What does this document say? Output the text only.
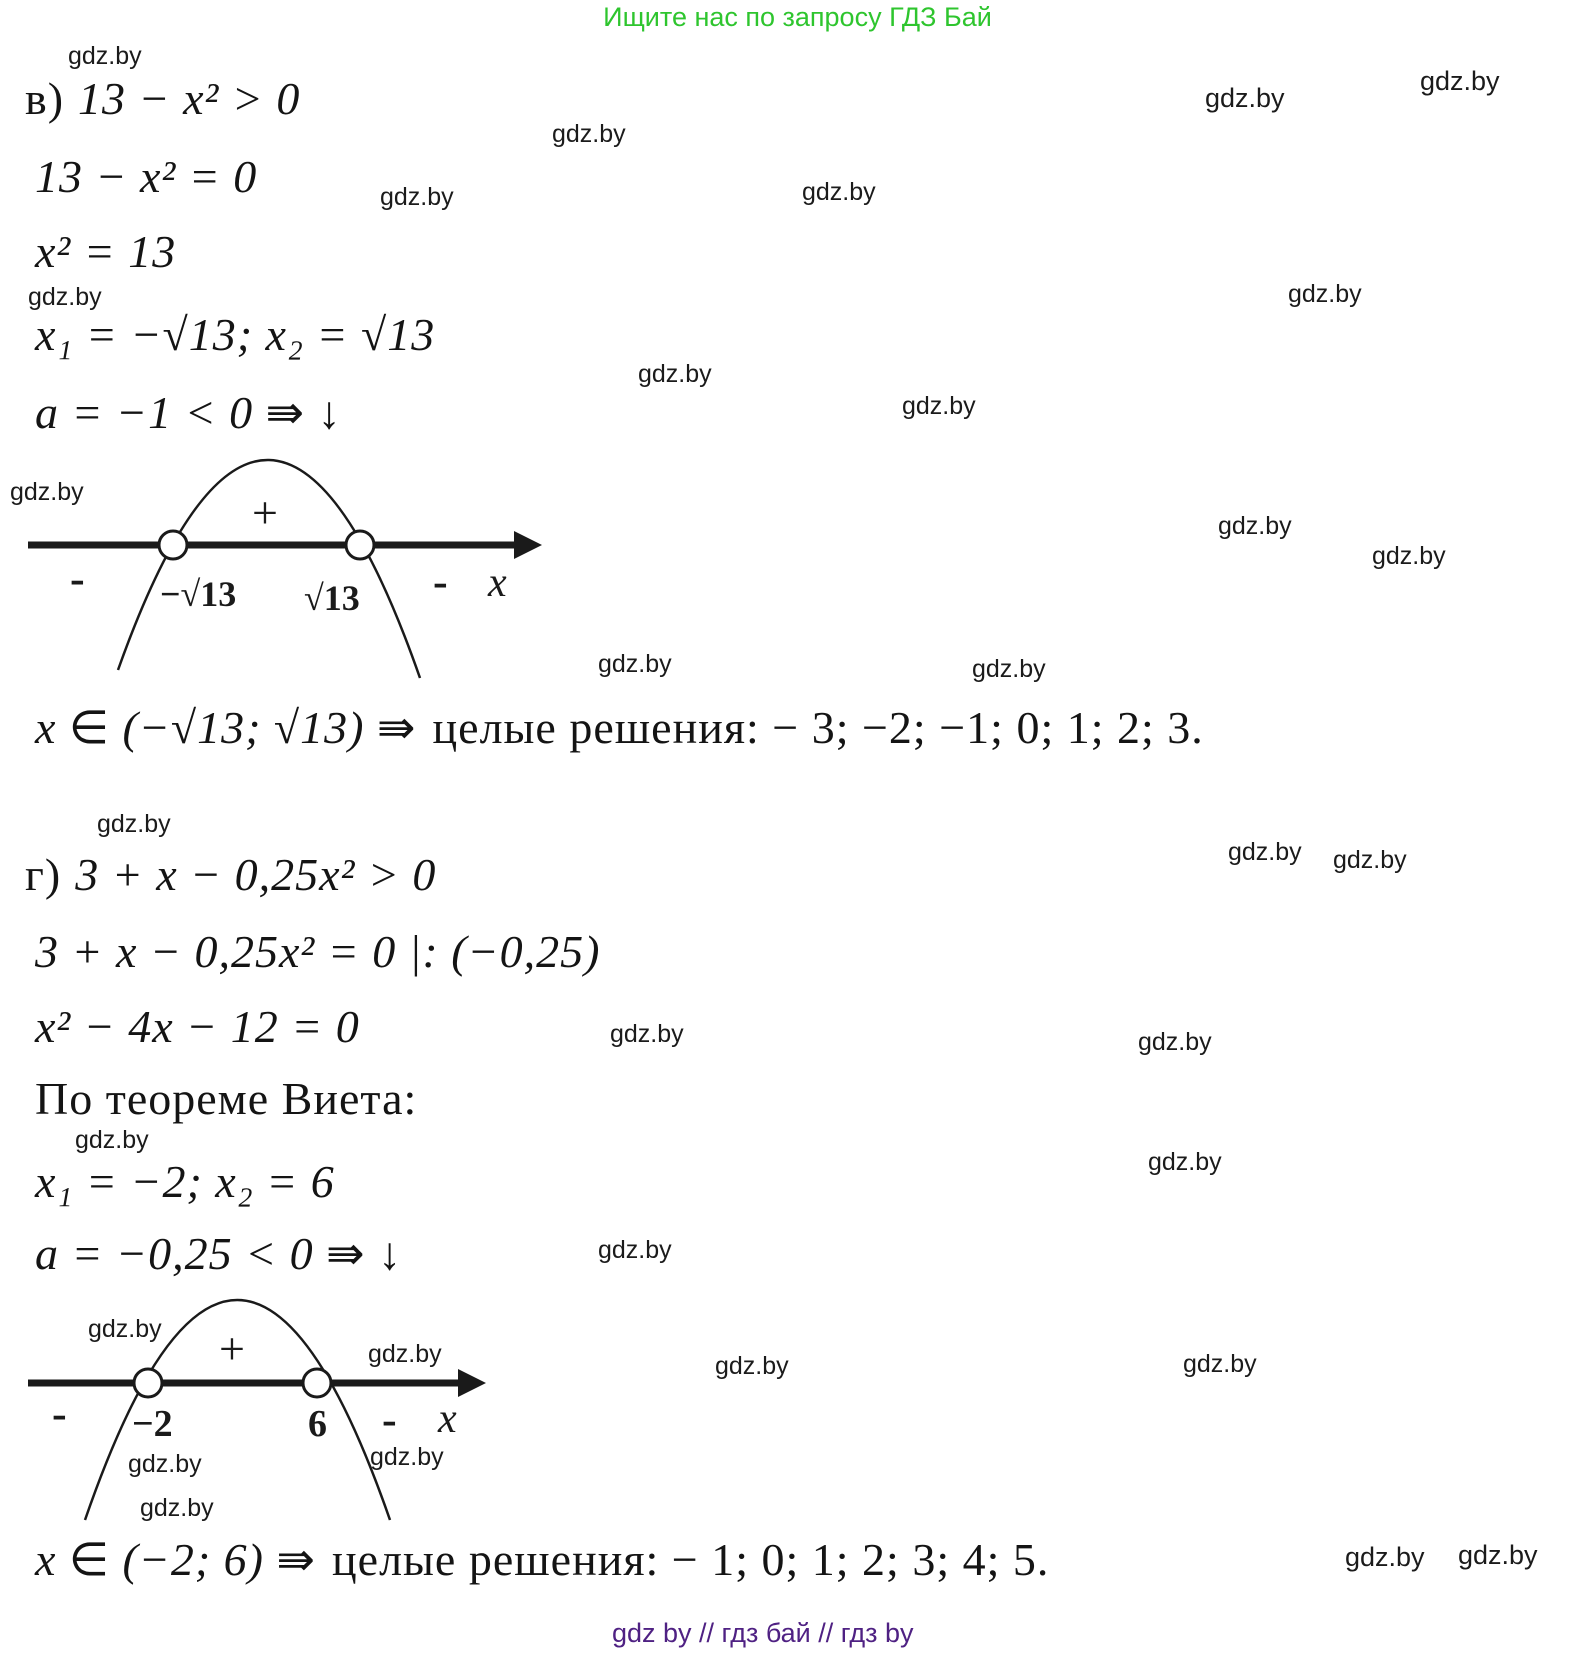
Ищите нас по запросу ГДЗ Бай
в) 13 − x² > 0
13 − x² = 0
x² = 13
x₁ = −√13; x₂ = √13
a = −1 < 0 ⇛ ↓
+
-	-
−√13 √13	x
x ∈ (−√13; √13) ⇛ целые решения: − 3; −2; −1; 0; 1; 2; 3.
г) 3 + x − 0,25x² > 0
3 + x − 0,25x² = 0 |: (−0,25)
x² − 4x − 12 = 0
По теореме Виета:
x₁ = −2; x₂ = 6
a = −0,25 < 0 ⇛ ↓
+
-	-
−2	6	x
x ∈ (−2; 6) ⇛ целые решения: − 1; 0; 1; 2; 3; 4; 5.
gdz.by
gdz.by
gdz.by
gdz.by
gdz.by	gdz.by
gdz.by	gdz.by
gdz.by
gdz.by
gdz.by
gdz.by
gdz.by
gdz.by	gdz.by
gdz.by
gdz.by gdz.by
gdz.by	gdz.by
gdz.by
gdz.by
gdz.by
gdz.by
gdz.by	gdz.by	gdz.by
gdz.by	gdz.by
gdz.by
gdz.by gdz.by
gdz by // гдз бай // гдз by
